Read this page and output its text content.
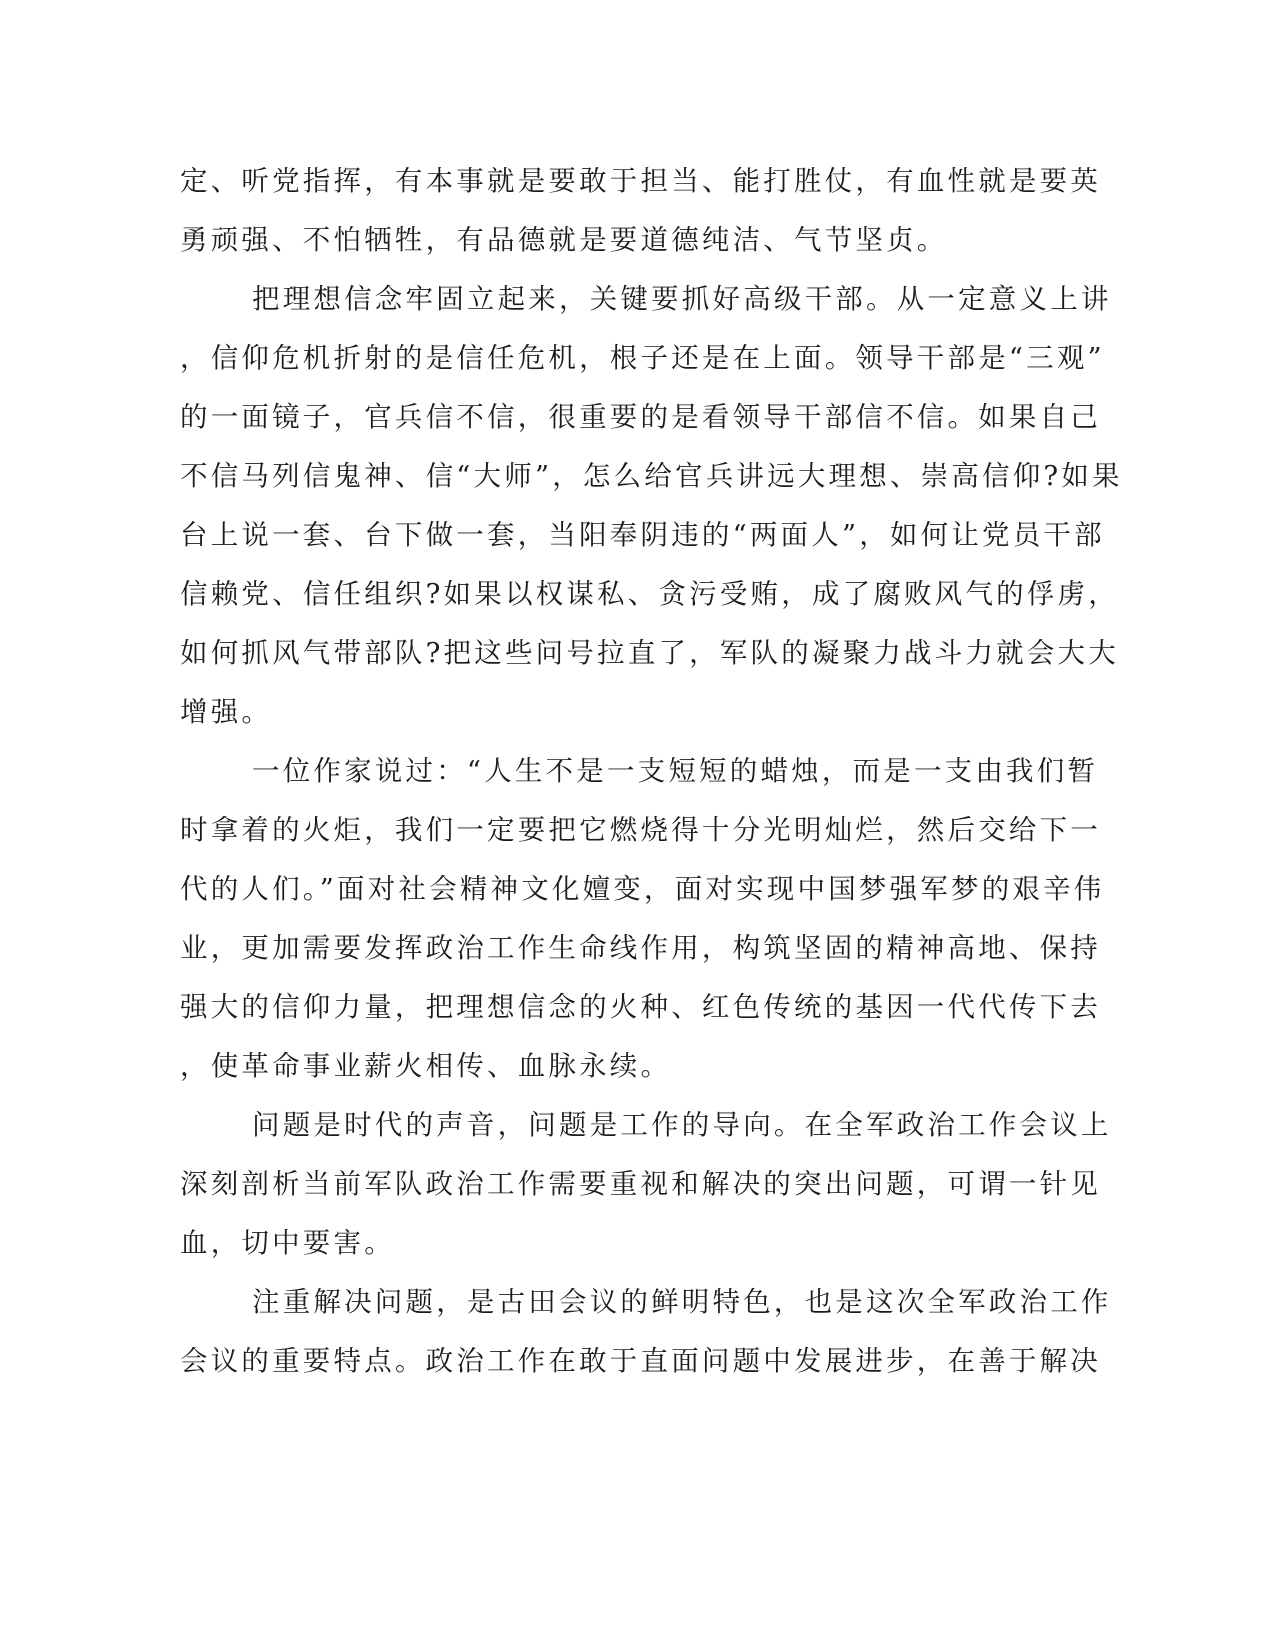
定、听党指挥，有本事就是要敢于担当、能打胜仗，有血性就是要英
勇顽强、不怕牺牲，有品德就是要道德纯洁、气节坚贞。
把理想信念牢固立起来，关键要抓好高级干部。从一定意义上讲
，信仰危机折射的是信任危机，根子还是在上面。领导干部是“三观”
的一面镜子，官兵信不信，很重要的是看领导干部信不信。如果自己
不信马列信鬼神、信“大师”，怎么给官兵讲远大理想、崇高信仰?如果
台上说一套、台下做一套，当阳奉阴违的“两面人”，如何让党员干部
信赖党、信任组织?如果以权谋私、贪污受贿，成了腐败风气的俘虏，
如何抓风气带部队?把这些问号拉直了，军队的凝聚力战斗力就会大大
增强。
一位作家说过：“人生不是一支短短的蜡烛，而是一支由我们暂
时拿着的火炬，我们一定要把它燃烧得十分光明灿烂，然后交给下一
代的人们。”面对社会精神文化嬗变，面对实现中国梦强军梦的艰辛伟
业，更加需要发挥政治工作生命线作用，构筑坚固的精神高地、保持
强大的信仰力量，把理想信念的火种、红色传统的基因一代代传下去
，使革命事业薪火相传、血脉永续。
问题是时代的声音，问题是工作的导向。在全军政治工作会议上
深刻剖析当前军队政治工作需要重视和解决的突出问题，可谓一针见
血，切中要害。
注重解决问题，是古田会议的鲜明特色，也是这次全军政治工作
会议的重要特点。政治工作在敢于直面问题中发展进步，在善于解决
